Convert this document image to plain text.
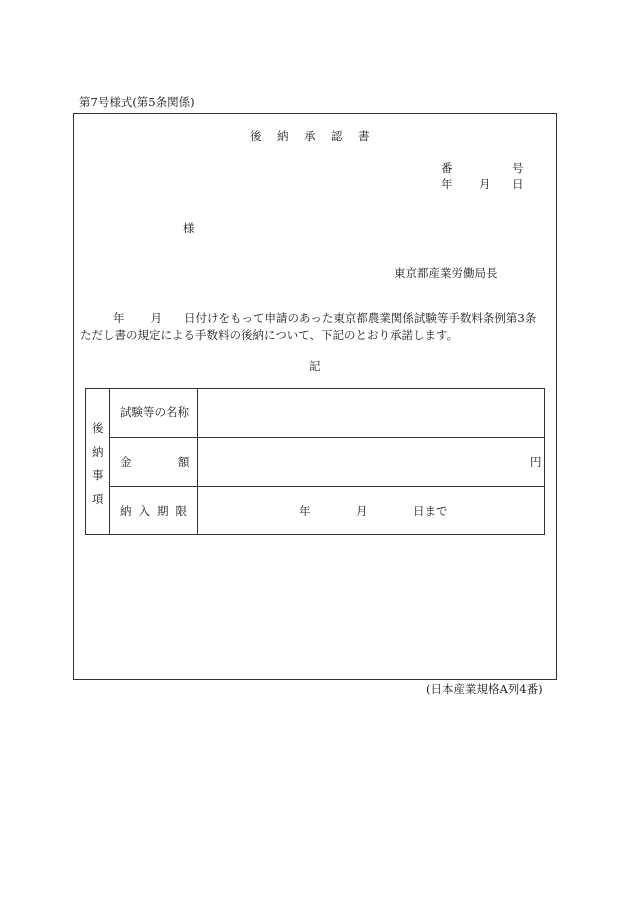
第7号様式(第5条関係)
後納承認書
番	号
年 月 日
様
東京都産業労働局長
年 月 日付けをもって申請のあった東京都農業関係試験等手数料条例第3条
ただし書の規定による手数料の後納について、下記のとおり承諾します。
記
後
納
事
項
試験等の名称
金	額	円
納入期限	年	月	日まで
(日本産業規格A列4番)
